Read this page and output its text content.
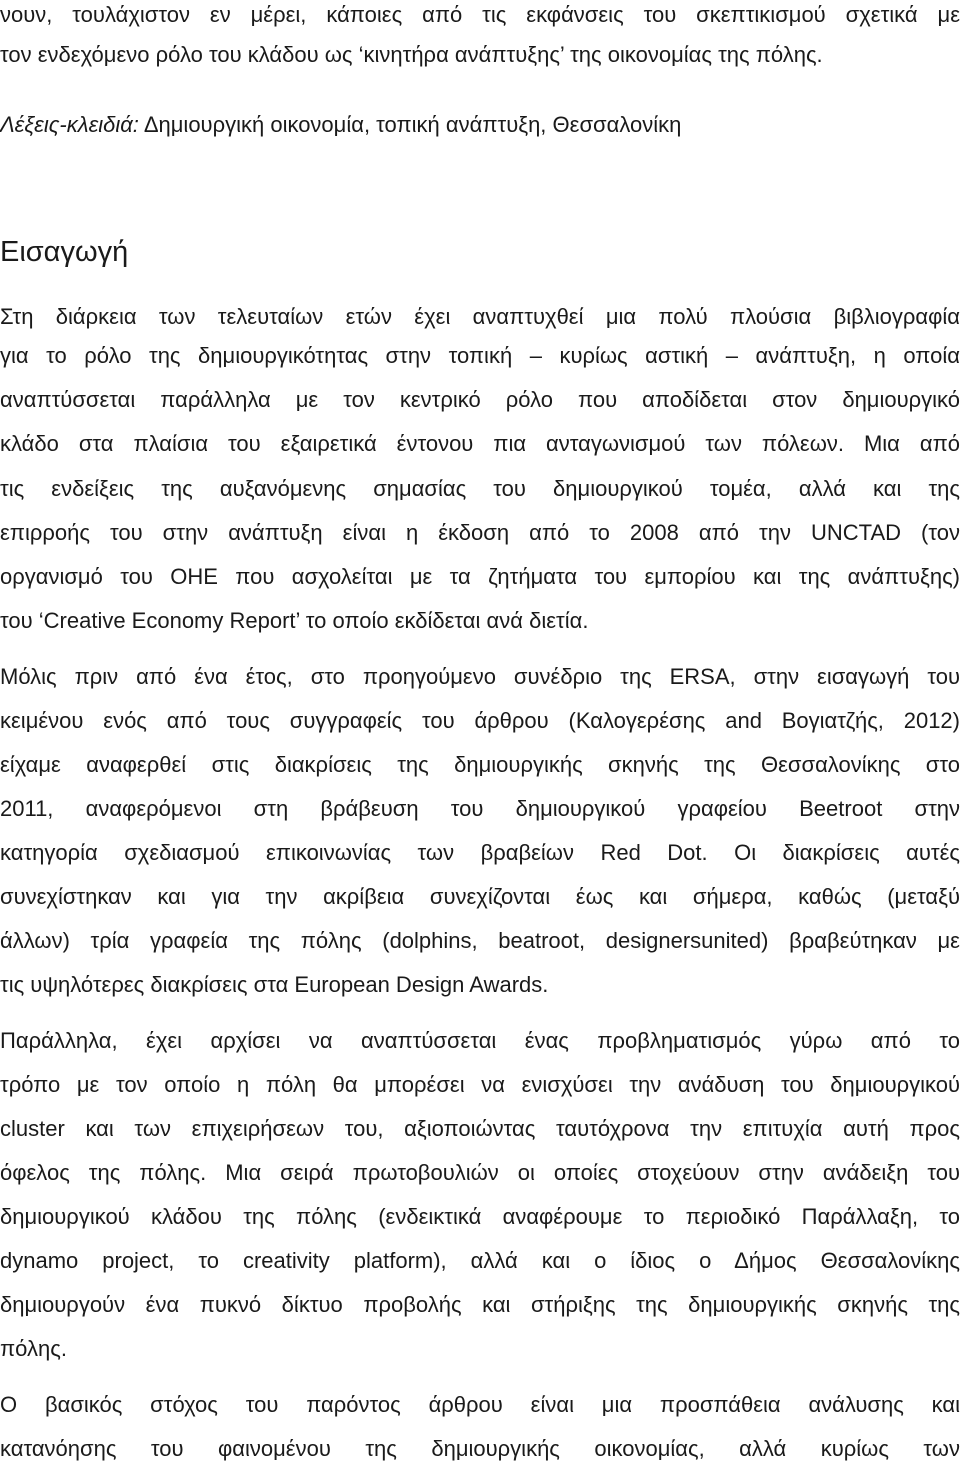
νουν, τουλάχιστον εν μέρει, κάποιες από τις εκφάνσεις του σκεπτικισμού σχετικά με
τον ενδεχόμενο ρόλο του κλάδου ως ‘κινητήρα ανάπτυξης’ της οικονομίας της πόλης.
Λέξεις-κλειδιά: Δημιουργική οικονομία, τοπική ανάπτυξη, Θεσσαλονίκη
Εισαγωγή
Στη διάρκεια των τελευταίων ετών έχει αναπτυχθεί μια πολύ πλούσια βιβλιογραφία
για το ρόλο της δημιουργικότητας στην τοπική – κυρίως αστική – ανάπτυξη, η οποία
αναπτύσσεται παράλληλα με τον κεντρικό ρόλο που αποδίδεται στον δημιουργικό
κλάδο στα πλαίσια του εξαιρετικά έντονου πια ανταγωνισμού των πόλεων. Μια από
τις ενδείξεις της αυξανόμενης σημασίας του δημιουργικού τομέα, αλλά και της
επιρροής του στην ανάπτυξη είναι η έκδοση από το 2008 από την UNCTAD (τον
οργανισμό του ΟΗΕ που ασχολείται με τα ζητήματα του εμπορίου και της ανάπτυξης)
του ‘Creative Economy Report’ το οποίο εκδίδεται ανά διετία.
Μόλις πριν από ένα έτος, στο προηγούμενο συνέδριο της ERSA, στην εισαγωγή του
κειμένου ενός από τους συγγραφείς του άρθρου (Καλογερέσης and Βογιατζής, 2012)
είχαμε αναφερθεί στις διακρίσεις της δημιουργικής σκηνής της Θεσσαλονίκης στο
2011, αναφερόμενοι στη βράβευση του δημιουργικού γραφείου Beetroot στην
κατηγορία σχεδιασμού επικοινωνίας των βραβείων Red Dot. Οι διακρίσεις αυτές
συνεχίστηκαν και για την ακρίβεια συνεχίζονται έως και σήμερα, καθώς (μεταξύ
άλλων) τρία γραφεία της πόλης (dolphins, beatroot, designersunited) βραβεύτηκαν με
τις υψηλότερες διακρίσεις στα European Design Awards.
Παράλληλα, έχει αρχίσει να αναπτύσσεται ένας προβληματισμός γύρω από το
τρόπο με τον οποίο η πόλη θα μπορέσει να ενισχύσει την ανάδυση του δημιουργικού
cluster και των επιχειρήσεων του, αξιοποιώντας ταυτόχρονα την επιτυχία αυτή προς
όφελος της πόλης. Μια σειρά πρωτοβουλιών οι οποίες στοχεύουν στην ανάδειξη του
δημιουργικού κλάδου της πόλης (ενδεικτικά αναφέρουμε το περιοδικό Παράλλαξη, το
dynamo project, το creativity platform), αλλά και ο ίδιος ο Δήμος Θεσσαλονίκης
δημιουργούν ένα πυκνό δίκτυο προβολής και στήριξης της δημιουργικής σκηνής της
πόλης.
Ο βασικός στόχος του παρόντος άρθρου είναι μια προσπάθεια ανάλυσης και
κατανόησης του φαινομένου της δημιουργικής οικονομίας, αλλά κυρίως των
